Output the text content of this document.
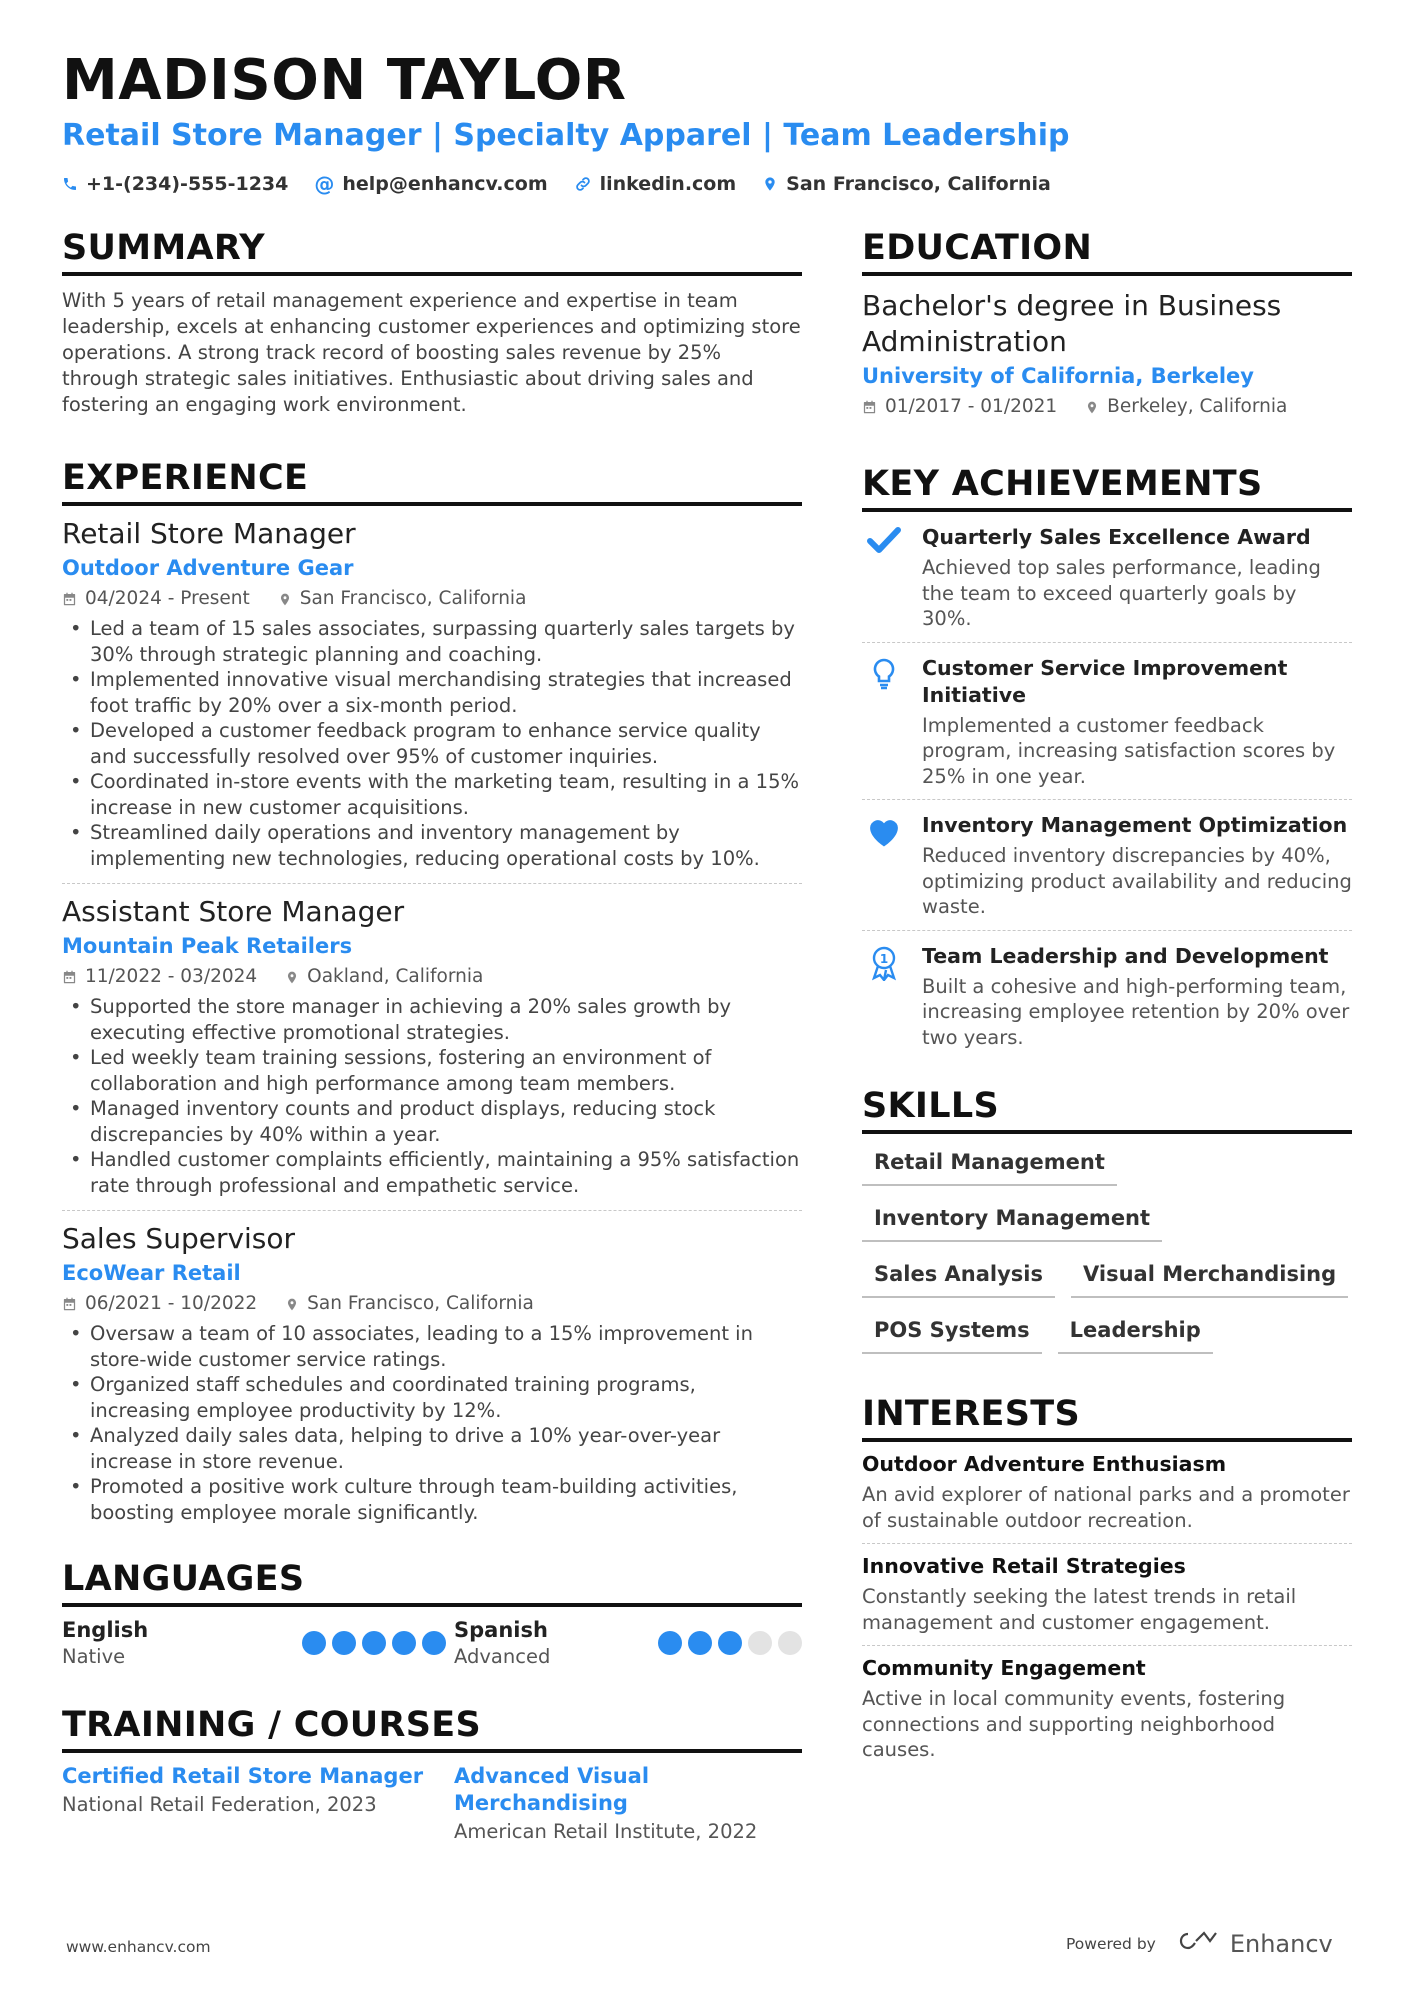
MADISON TAYLOR
Retail Store Manager | Specialty Apparel | Team Leadership
+1-(234)-555-1234 @ help@enhancv.com	linkedin.com	San Francisco, California
SUMMARY
With 5 years of retail management experience and expertise in team leadership, excels at enhancing customer experiences and optimizing store operations. A strong track record of boosting sales revenue by 25% through strategic sales initiatives. Enthusiastic about driving sales and fostering an engaging work environment.
EXPERIENCE
Retail Store Manager
Outdoor Adventure Gear
04/2024 - Present	San Francisco, California
• Led a team of 15 sales associates, surpassing quarterly sales targets by 30% through strategic planning and coaching.
• Implemented innovative visual merchandising strategies that increased foot traffic by 20% over a six-month period.
• Developed a customer feedback program to enhance service quality and successfully resolved over 95% of customer inquiries.
• Coordinated in-store events with the marketing team, resulting in a 15% increase in new customer acquisitions.
• Streamlined daily operations and inventory management by implementing new technologies, reducing operational costs by 10%.
Assistant Store Manager
Mountain Peak Retailers
11/2022 - 03/2024	Oakland, California
• Supported the store manager in achieving a 20% sales growth by executing effective promotional strategies.
• Led weekly team training sessions, fostering an environment of collaboration and high performance among team members.
• Managed inventory counts and product displays, reducing stock discrepancies by 40% within a year.
• Handled customer complaints efficiently, maintaining a 95% satisfaction rate through professional and empathetic service.
Sales Supervisor
EcoWear Retail
06/2021 - 10/2022	San Francisco, California
• Oversaw a team of 10 associates, leading to a 15% improvement in store-wide customer service ratings.
• Organized staff schedules and coordinated training programs, increasing employee productivity by 12%.
• Analyzed daily sales data, helping to drive a 10% year-over-year increase in store revenue.
• Promoted a positive work culture through team-building activities, boosting employee morale significantly.
LANGUAGES
English
Native
Spanish
Advanced
TRAINING / COURSES
Certified Retail Store Manager
National Retail Federation, 2023
Advanced Visual Merchandising
American Retail Institute, 2022
EDUCATION
Bachelor's degree in Business Administration
University of California, Berkeley
01/2017 - 01/2021	Berkeley, California
KEY ACHIEVEMENTS
Quarterly Sales Excellence Award
Achieved top sales performance, leading the team to exceed quarterly goals by 30%.
Customer Service Improvement Initiative
Implemented a customer feedback program, increasing satisfaction scores by 25% in one year.
Inventory Management Optimization
Reduced inventory discrepancies by 40%, optimizing product availability and reducing waste.
1 Team Leadership and Development
Built a cohesive and high-performing team, increasing employee retention by 20% over two years.
SKILLS
Retail Management
Inventory Management
Sales Analysis	Visual Merchandising
POS Systems	Leadership
INTERESTS
Outdoor Adventure Enthusiasm
An avid explorer of national parks and a promoter of sustainable outdoor recreation.
Innovative Retail Strategies
Constantly seeking the latest trends in retail management and customer engagement.
Community Engagement
Active in local community events, fostering connections and supporting neighborhood causes.
www.enhancv.com	Powered by	Enhancv
